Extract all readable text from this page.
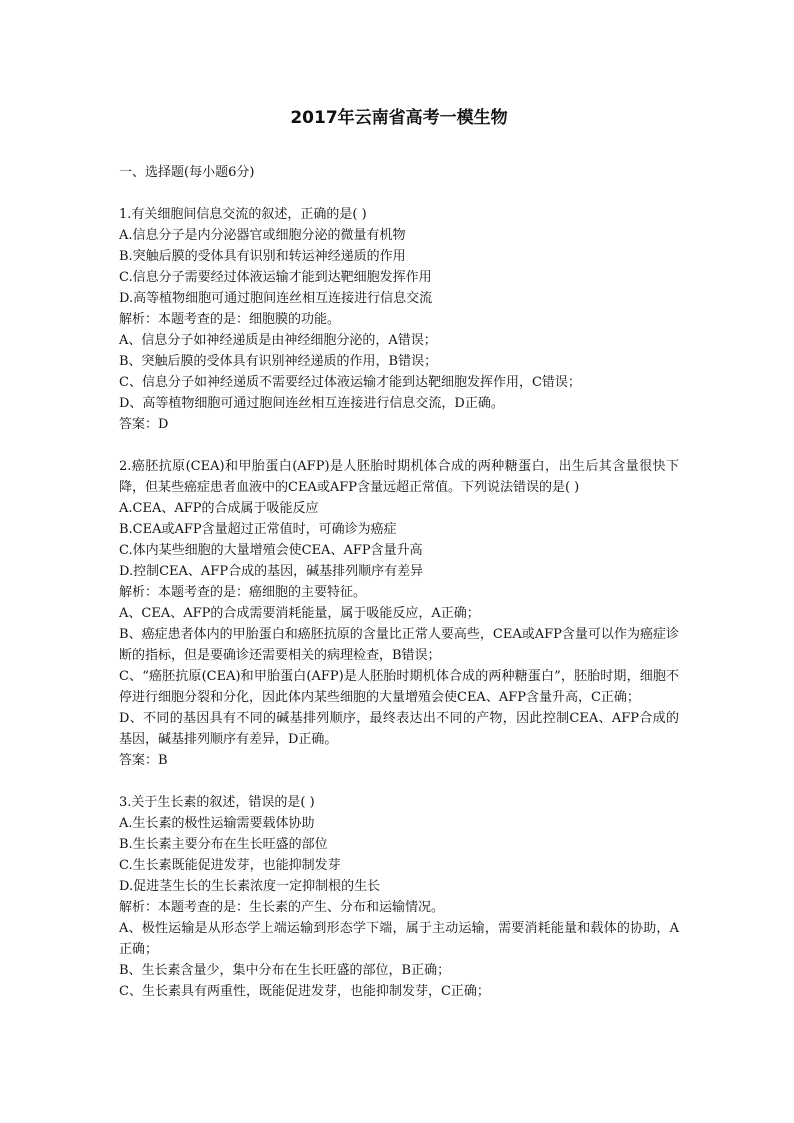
2017年云南省高考一模生物
一、选择题(每小题6分)
1.有关细胞间信息交流的叙述，正确的是( )
A.信息分子是内分泌器官或细胞分泌的微量有机物
B.突触后膜的受体具有识别和转运神经递质的作用
C.信息分子需要经过体液运输才能到达靶细胞发挥作用
D.高等植物细胞可通过胞间连丝相互连接进行信息交流
解析：本题考查的是：细胞膜的功能。
A、信息分子如神经递质是由神经细胞分泌的，A错误；
B、突触后膜的受体具有识别神经递质的作用，B错误；
C、信息分子如神经递质不需要经过体液运输才能到达靶细胞发挥作用，C错误；
D、高等植物细胞可通过胞间连丝相互连接进行信息交流，D正确。
答案：D
2.癌胚抗原(CEA)和甲胎蛋白(AFP)是人胚胎时期机体合成的两种糖蛋白，出生后其含量很快下降，但某些癌症患者血液中的CEA或AFP含量远超正常值。下列说法错误的是( )
A.CEA、AFP的合成属于吸能反应
B.CEA或AFP含量超过正常值时，可确诊为癌症
C.体内某些细胞的大量增殖会使CEA、AFP含量升高
D.控制CEA、AFP合成的基因，碱基排列顺序有差异
解析：本题考查的是：癌细胞的主要特征。
A、CEA、AFP的合成需要消耗能量，属于吸能反应，A正确；
B、癌症患者体内的甲胎蛋白和癌胚抗原的含量比正常人要高些，CEA或AFP含量可以作为癌症诊断的指标，但是要确诊还需要相关的病理检查，B错误；
C、“癌胚抗原(CEA)和甲胎蛋白(AFP)是人胚胎时期机体合成的两种糖蛋白”，胚胎时期，细胞不停进行细胞分裂和分化，因此体内某些细胞的大量增殖会使CEA、AFP含量升高，C正确；
D、不同的基因具有不同的碱基排列顺序，最终表达出不同的产物，因此控制CEA、AFP合成的基因，碱基排列顺序有差异，D正确。
答案：B
3.关于生长素的叙述，错误的是( )
A.生长素的极性运输需要载体协助
B.生长素主要分布在生长旺盛的部位
C.生长素既能促进发芽，也能抑制发芽
D.促进茎生长的生长素浓度一定抑制根的生长
解析：本题考查的是：生长素的产生、分布和运输情况。
A、极性运输是从形态学上端运输到形态学下端，属于主动运输，需要消耗能量和载体的协助，A正确；
B、生长素含量少，集中分布在生长旺盛的部位，B正确；
C、生长素具有两重性，既能促进发芽，也能抑制发芽，C正确；
